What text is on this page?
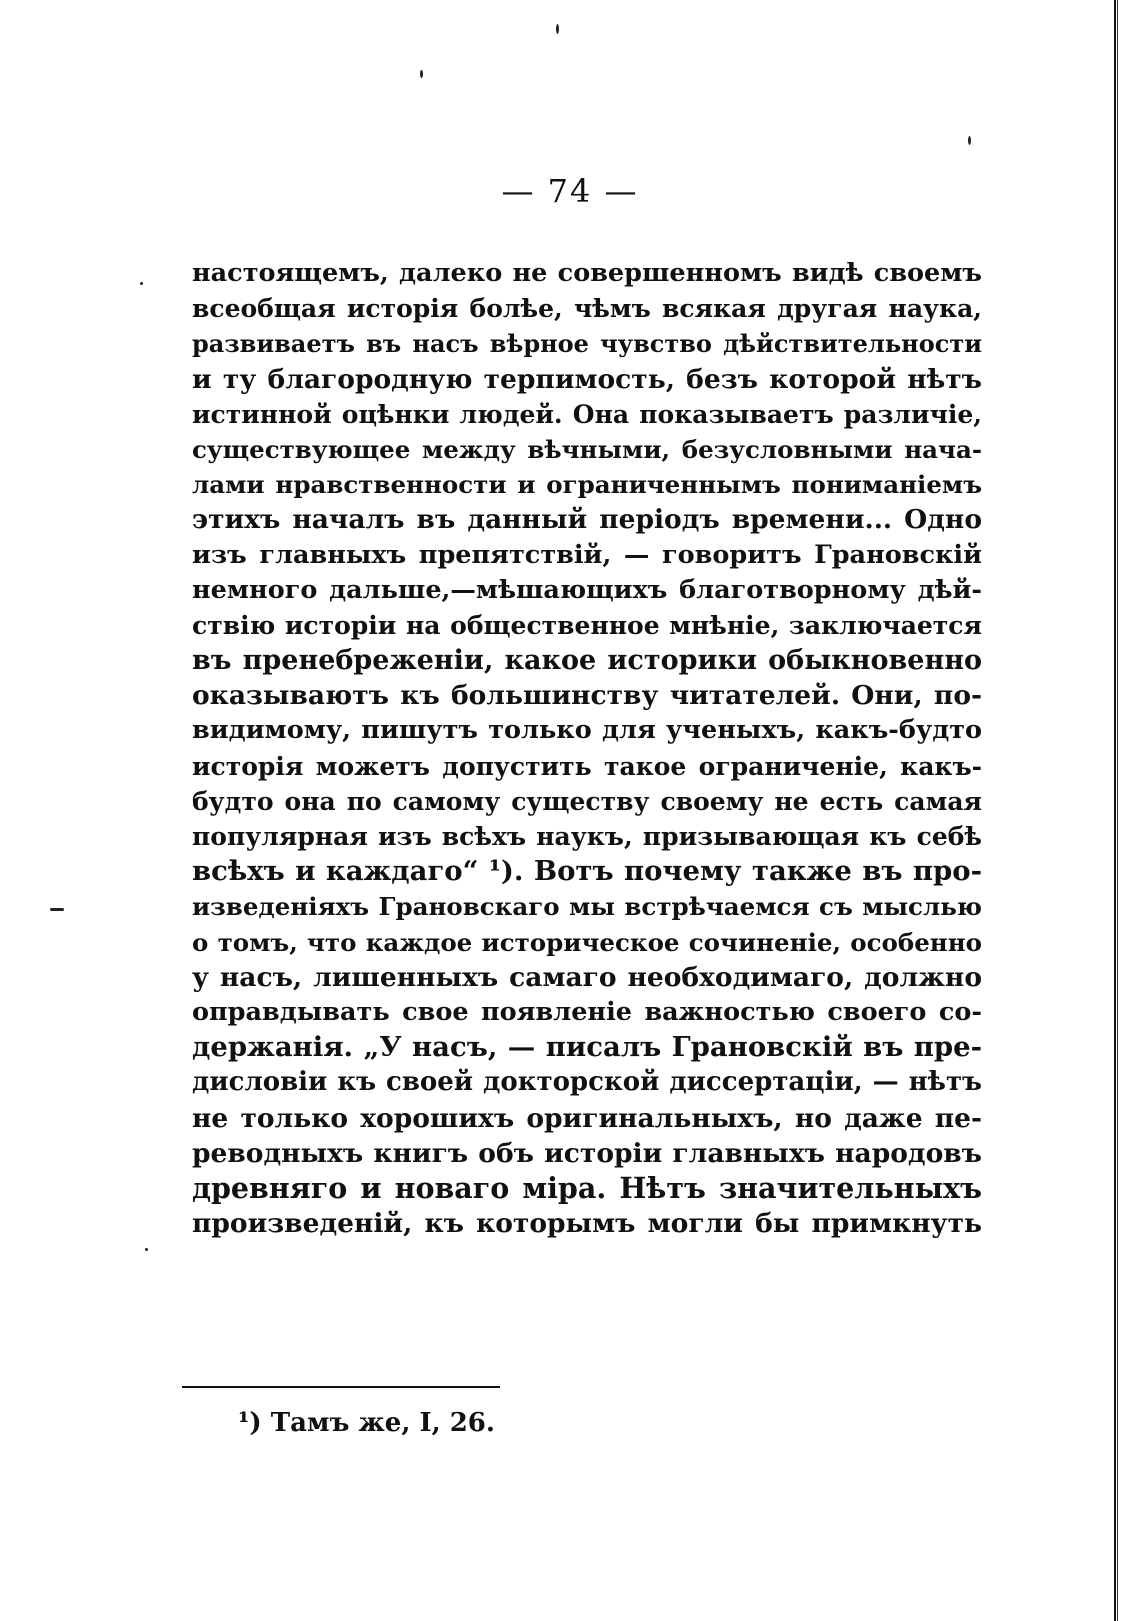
— 74 —
настоящемъ, далеко не совершенномъ видѣ своемъ
всеобщая исторія болѣе, чѣмъ всякая другая наука,
развиваетъ въ насъ вѣрное чувство дѣйствительности
и ту благородную терпимость, безъ которой нѣтъ
истинной оцѣнки людей. Она показываетъ различіе,
существующее между вѣчными, безусловными нача-
лами нравственности и ограниченнымъ пониманіемъ
этихъ началъ въ данный періодъ времени... Одно
изъ главныхъ препятствій, — говоритъ Грановскій
немного дальше,—мѣшающихъ благотворному дѣй-
ствію исторіи на общественное мнѣніе, заключается
въ пренебреженіи, какое историки обыкновенно
оказываютъ къ большинству читателей. Они, по-
видимому, пишутъ только для ученыхъ, какъ-будто
исторія можетъ допустить такое ограниченіе, какъ-
будто она по самому существу своему не есть самая
популярная изъ всѣхъ наукъ, призывающая къ себѣ
всѣхъ и каждаго“ ¹). Вотъ почему также въ про-
изведеніяхъ Грановскаго мы встрѣчаемся съ мыслью
о томъ, что каждое историческое сочиненіе, особенно
у насъ, лишенныхъ самаго необходимаго, должно
оправдывать свое появленіе важностью своего со-
держанія. „У насъ, — писалъ Грановскій въ пре-
дисловіи къ своей докторской диссертаціи, — нѣтъ
не только хорошихъ оригинальныхъ, но даже пе-
реводныхъ книгъ объ исторіи главныхъ народовъ
древняго и новаго міра. Нѣтъ значительныхъ
произведеній, къ которымъ могли бы примкнуть
¹) Тамъ же, I, 26.
